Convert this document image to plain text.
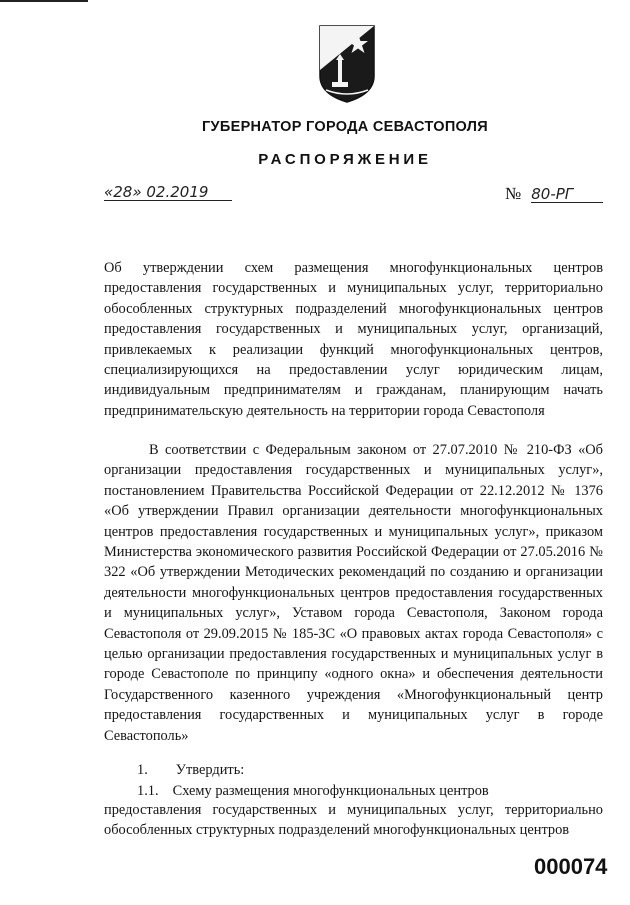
ГУБЕРНАТОР ГОРОДА СЕВАСТОПОЛЯ
РАСПОРЯЖЕНИЕ
«28» 02.2019	№ 80-РГ
Об утверждении схем размещения многофункциональных центров предоставления государственных и муниципальных услуг, территориально обособленных структурных подразделений многофункциональных центров предоставления государственных и муниципальных услуг, организаций, привлекаемых к реализации функций многофункциональных центров, специализирующихся на предоставлении услуг юридическим лицам, индивидуальным предпринимателям и гражданам, планирующим начать предпринимательскую деятельность на территории города Севастополя
В соответствии с Федеральным законом от 27.07.2010 № 210-ФЗ «Об организации предоставления государственных и муниципальных услуг», постановлением Правительства Российской Федерации от 22.12.2012 № 1376 «Об утверждении Правил организации деятельности многофункциональных центров предоставления государственных и муниципальных услуг», приказом Министерства экономического развития Российской Федерации от 27.05.2016 № 322 «Об утверждении Методических рекомендаций по созданию и организации деятельности многофункциональных центров предоставления государственных и муниципальных услуг», Уставом города Севастополя, Законом города Севастополя от 29.09.2015 № 185-ЗС «О правовых актах города Севастополя» с целью организации предоставления государственных и муниципальных услуг в городе Севастополе по принципу «одного окна» и обеспечения деятельности Государственного казенного учреждения «Многофункциональный центр предоставления государственных и муниципальных услуг в городе Севастополь»
1. Утвердить:
1.1. Схему размещения многофункциональных центров
предоставления государственных и муниципальных услуг, территориально обособленных структурных подразделений многофункциональных центров
000074
